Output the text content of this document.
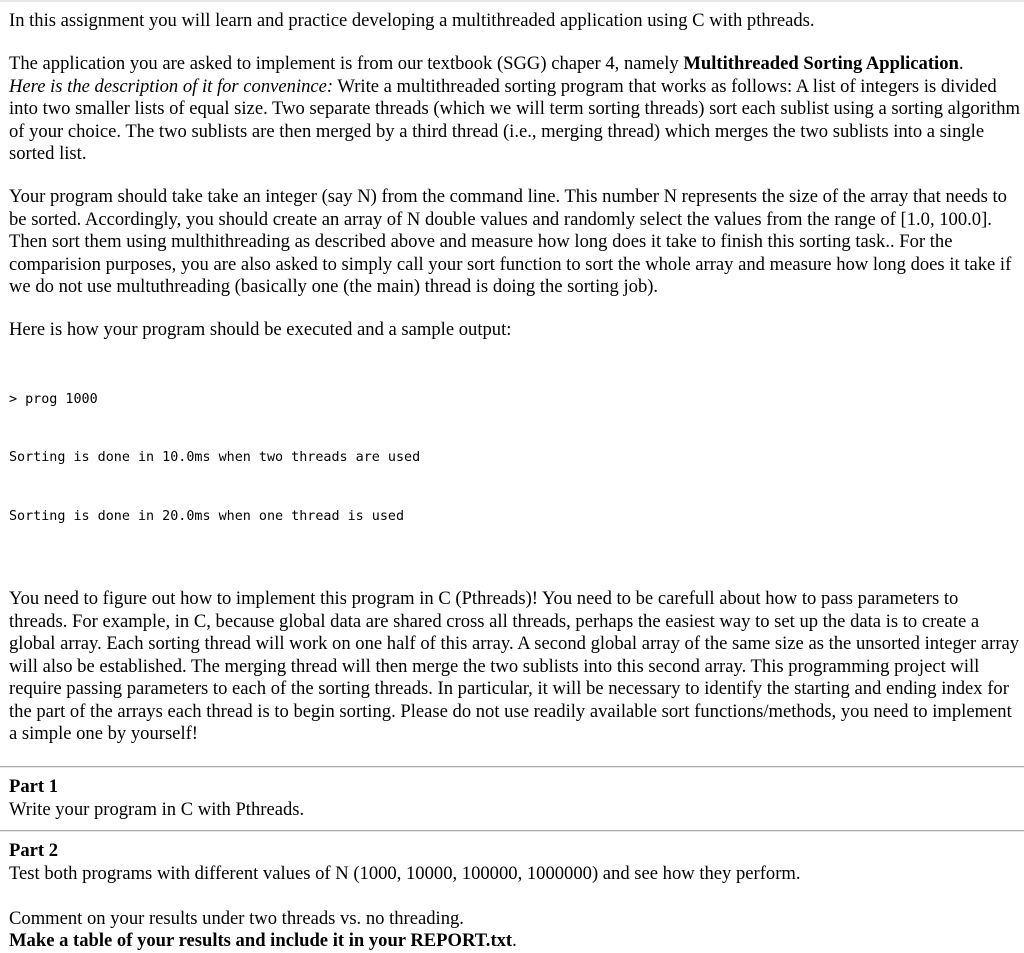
In this assignment you will learn and practice developing a multithreaded application using C with pthreads.

The application you are asked to implement is from our textbook (SGG) chaper 4, namely Multithreaded Sorting Application.
Here is the description of it for convenince: Write a multithreaded sorting program that works as follows: A list of integers is divided into two smaller lists of equal size. Two separate threads (which we will term sorting threads) sort each sublist using a sorting algorithm of your choice. The two sublists are then merged by a third thread (i.e., merging thread) which merges the two sublists into a single sorted list.

Your program should take take an integer (say N) from the command line. This number N represents the size of the array that needs to be sorted. Accordingly, you should create an array of N double values and randomly select the values from the range of [1.0, 100.0]. Then sort them using multhithreading as described above and measure how long does it take to finish this sorting task.. For the comparision purposes, you are also asked to simply call your sort function to sort the whole array and measure how long does it take if we do not use multuthreading (basically one (the main) thread is doing the sorting job).

Here is how your program should be executed and a sample output:

> prog 1000

Sorting is done in 10.0ms when two threads are used

Sorting is done in 20.0ms when one thread is used

You need to figure out how to implement this program in C (Pthreads)! You need to be carefull about how to pass parameters to threads. For example, in C, because global data are shared cross all threads, perhaps the easiest way to set up the data is to create a global array. Each sorting thread will work on one half of this array. A second global array of the same size as the unsorted integer array will also be established. The merging thread will then merge the two sublists into this second array. This programming project will require passing parameters to each of the sorting threads. In particular, it will be necessary to identify the starting and ending index for the part of the arrays each thread is to begin sorting. Please do not use readily available sort functions/methods, you need to implement a simple one by yourself!

Part 1

Write your program in C with Pthreads.

Part 2

Test both programs with different values of N (1000, 10000, 100000, 1000000) and see how they perform.

Comment on your results under two threads vs. no threading.

Make a table of your results and include it in your REPORT.txt.
